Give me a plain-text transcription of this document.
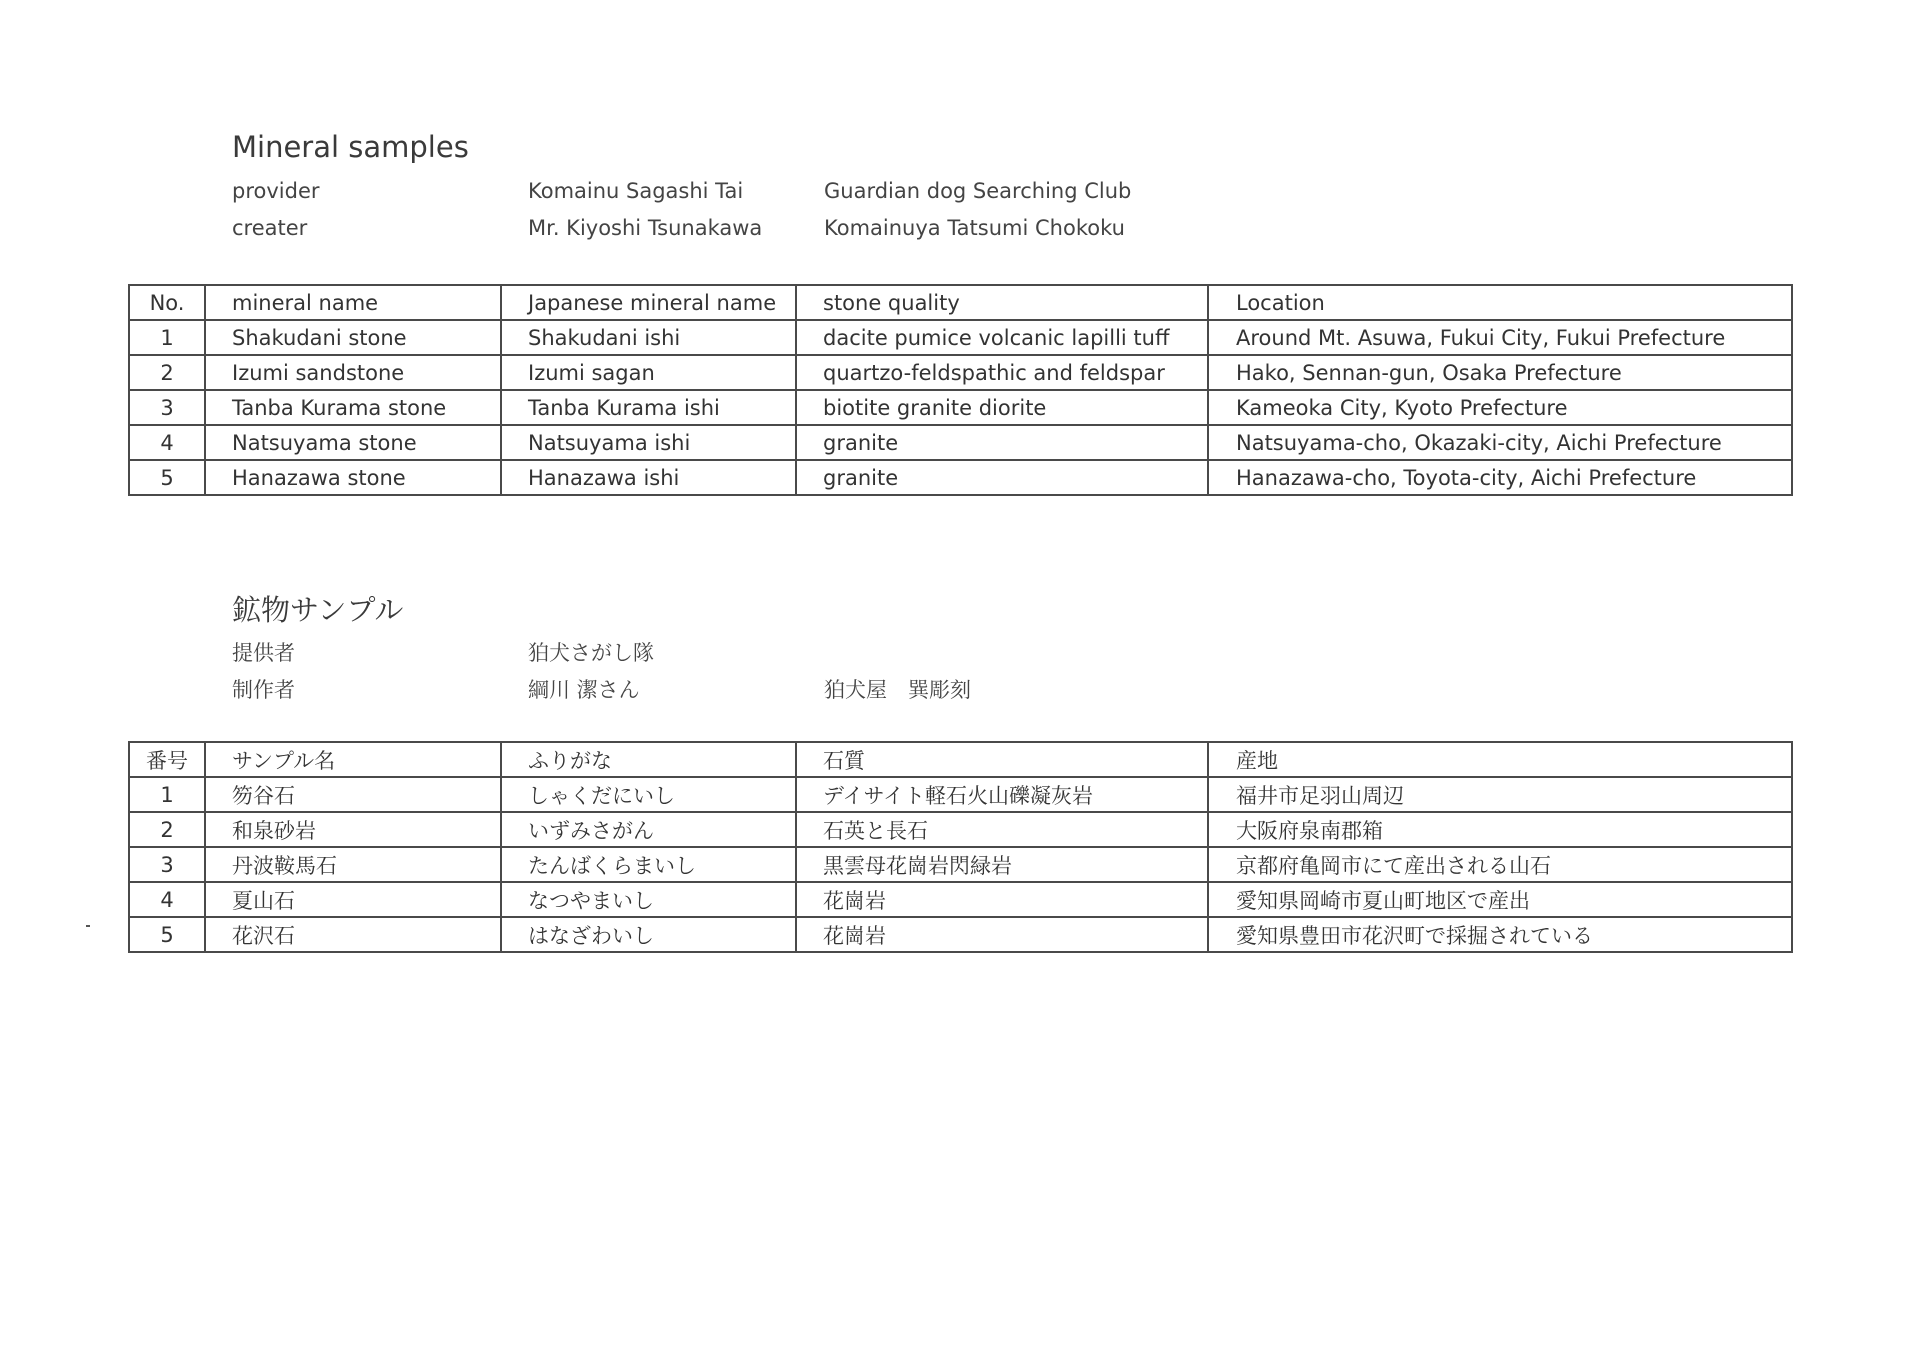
Mineral samples
provider	Komainu Sagashi Tai	Guardian dog Searching Club
creater	Mr. Kiyoshi Tsunakawa	Komainuya Tatsumi Chokoku
No.	mineral name	Japanese mineral name	stone quality	Location
1	Shakudani stone	Shakudani ishi	dacite pumice volcanic lapilli tuff	Around Mt. Asuwa, Fukui City, Fukui Prefecture
2	Izumi sandstone	Izumi sagan	quartzo-feldspathic and feldspar	Hako, Sennan-gun, Osaka Prefecture
3	Tanba Kurama stone	Tanba Kurama ishi	biotite granite diorite	Kameoka City, Kyoto Prefecture
4	Natsuyama stone	Natsuyama ishi	granite	Natsuyama-cho, Okazaki-city, Aichi Prefecture
5	Hanazawa stone	Hanazawa ishi	granite	Hanazawa-cho, Toyota-city, Aichi Prefecture
鉱物サンプル
提供者	狛犬さがし隊
制作者	綱川 潔さん	狛犬屋　巽彫刻
番号	サンプル名	ふりがな	石質	産地
1	笏谷石	しゃくだにいし	デイサイト軽石火山礫凝灰岩	福井市足羽山周辺
2	和泉砂岩	いずみさがん	石英と長石	大阪府泉南郡箱
3	丹波鞍馬石	たんばくらまいし	黒雲母花崗岩閃緑岩	京都府亀岡市にて産出される山石
4	夏山石	なつやまいし	花崗岩	愛知県岡崎市夏山町地区で産出
5	花沢石	はなざわいし	花崗岩	愛知県豊田市花沢町で採掘されている
